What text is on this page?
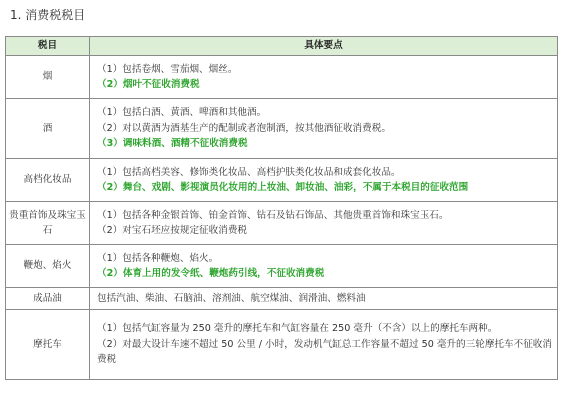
1. 消费税税目
税目	具体要点
烟	（1）包括卷烟、雪茄烟、烟丝。
（2）烟叶不征收消费税

酒	（1）包括白酒、黄酒、啤酒和其他酒。
（2）对以黄酒为酒基生产的配制或者泡制酒，按其他酒征收消费税。
（3）调味料酒、酒精不征收消费税

高档化妆品	（1）包括高档美容、修饰类化妆品、高档护肤类化妆品和成套化妆品。
（2）舞台、戏剧、影视演员化妆用的上妆油、卸妆油、油彩，不属于本税目的征收范围

贵重首饰及珠宝玉石	（1）包括各种金银首饰、铂金首饰、钻石及钻石饰品、其他贵重首饰和珠宝玉石。
（2）对宝石坯应按规定征收消费税

鞭炮、焰火	（1）包括各种鞭炮、焰火。
（2）体育上用的发令纸、鞭炮药引线，不征收消费税

成品油	包括汽油、柴油、石脑油、溶剂油、航空煤油、润滑油、燃料油

摩托车	（1）包括气缸容量为 250 毫升的摩托车和气缸容量在 250 毫升（不含）以上的摩托车两种。
（2）对最大设计车速不超过 50 公里 / 小时，发动机气缸总工作容量不超过 50 毫升的三轮摩托车不征收消费税
